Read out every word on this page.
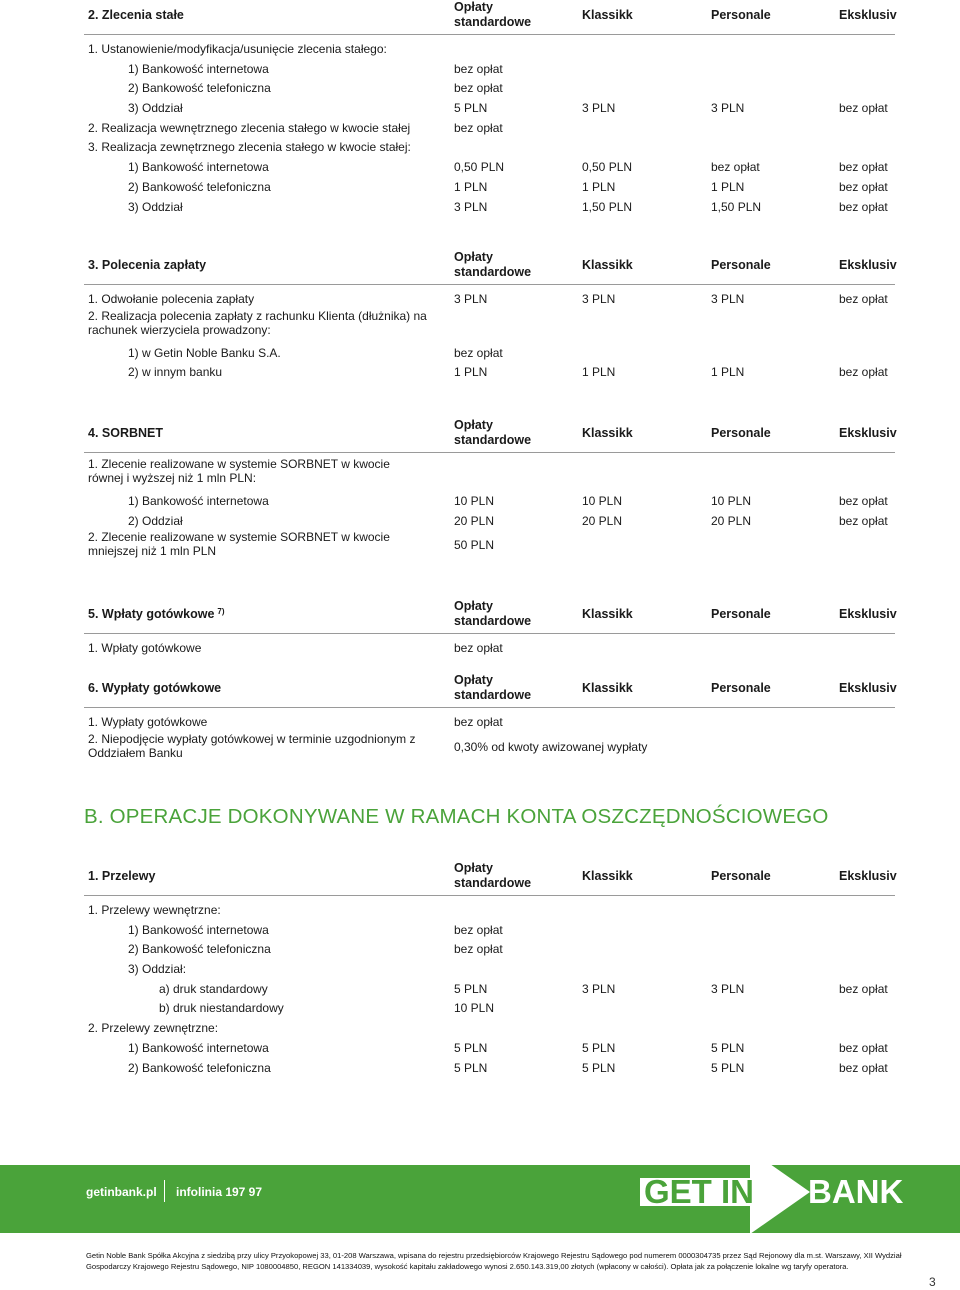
2. Zlecenia stałe
Opłaty standardowe
Klassikk	Personale	Eksklusiv
1. Ustanowienie/modyfikacja/usunięcie zlecenia stałego:
1) Bankowość internetowa	bez opłat
2) Bankowość telefoniczna	bez opłat
3) Oddział	5 PLN	3 PLN	3 PLN	bez opłat
2. Realizacja wewnętrznego zlecenia stałego w kwocie stałej	bez opłat
3. Realizacja zewnętrznego zlecenia stałego w kwocie stałej:
1) Bankowość internetowa	0,50 PLN	0,50 PLN	bez opłat	bez opłat
2) Bankowość telefoniczna	1 PLN	1 PLN	1 PLN	bez opłat
3) Oddział	3 PLN	1,50 PLN	1,50 PLN	bez opłat
3. Polecenia zapłaty
Opłaty standardowe
Klassikk	Personale	Eksklusiv
1. Odwołanie polecenia zapłaty	3 PLN	3 PLN	3 PLN	bez opłat
2. Realizacja polecenia zapłaty z rachunku Klienta (dłużnika) na rachunek wierzyciela prowadzony:
1) w Getin Noble Banku S.A.	bez opłat
2) w innym banku	1 PLN	1 PLN	1 PLN	bez opłat
4. SORBNET
Opłaty standardowe
Klassikk	Personale	Eksklusiv
1. Zlecenie realizowane w systemie SORBNET w kwocie równej i wyższej niż 1 mln PLN:
1) Bankowość internetowa	10 PLN	10 PLN	10 PLN	bez opłat
2) Oddział	20 PLN	20 PLN	20 PLN	bez opłat
2. Zlecenie realizowane w systemie SORBNET w kwocie mniejszej niż 1 mln PLN	50 PLN
5. Wpłaty gotówkowe $^{7)}$	Opłaty standardowe
Klassikk	Personale	Eksklusiv
1. Wpłaty gotówkowe	bez opłat
6. Wypłaty gotówkowe
Opłaty standardowe
Klassikk	Personale	Eksklusiv
1. Wypłaty gotówkowe	bez opłat
2. Niepodjęcie wypłaty gotówkowej w terminie uzgodnionym z Oddziałem Banku	0,30% od kwoty awizowanej wypłaty
B. OPERACJE DOKONYWANE W RAMACH KONTA OSZCZĘDNOŚCIOWEGO
1. Przelewy
Opłaty standardowe
Klassikk	Personale	Eksklusiv
1. Przelewy wewnętrzne:
1) Bankowość internetowa	bez opłat
2) Bankowość telefoniczna	bez opłat
3) Oddział:
a) druk standardowy	5 PLN	3 PLN	3 PLN	bez opłat
b) druk niestandardowy	10 PLN
2. Przelewy zewnętrzne:
1) Bankowość internetowa	5 PLN	5 PLN	5 PLN	bez opłat
2) Bankowość telefoniczna	5 PLN	5 PLN	5 PLN	bez opłat
getinbank.pl infolinia 197 97	GET IN BANK
Getin Noble Bank Spółka Akcyjna z siedzibą przy ulicy Przyokopowej 33, 01-208 Warszawa, wpisana do rejestru przedsiębiorców Krajowego Rejestru Sądowego pod numerem 0000304735 przez Sąd Rejonowy dla m.st. Warszawy, XII Wydział Gospodarczy Krajowego Rejestru Sądowego, NIP 1080004850, REGON 141334039, wysokość kapitału zakładowego wynosi 2.650.143.319,00 złotych (wpłacony w całości). Opłata jak za połączenie lokalne wg taryfy operatora.
3
